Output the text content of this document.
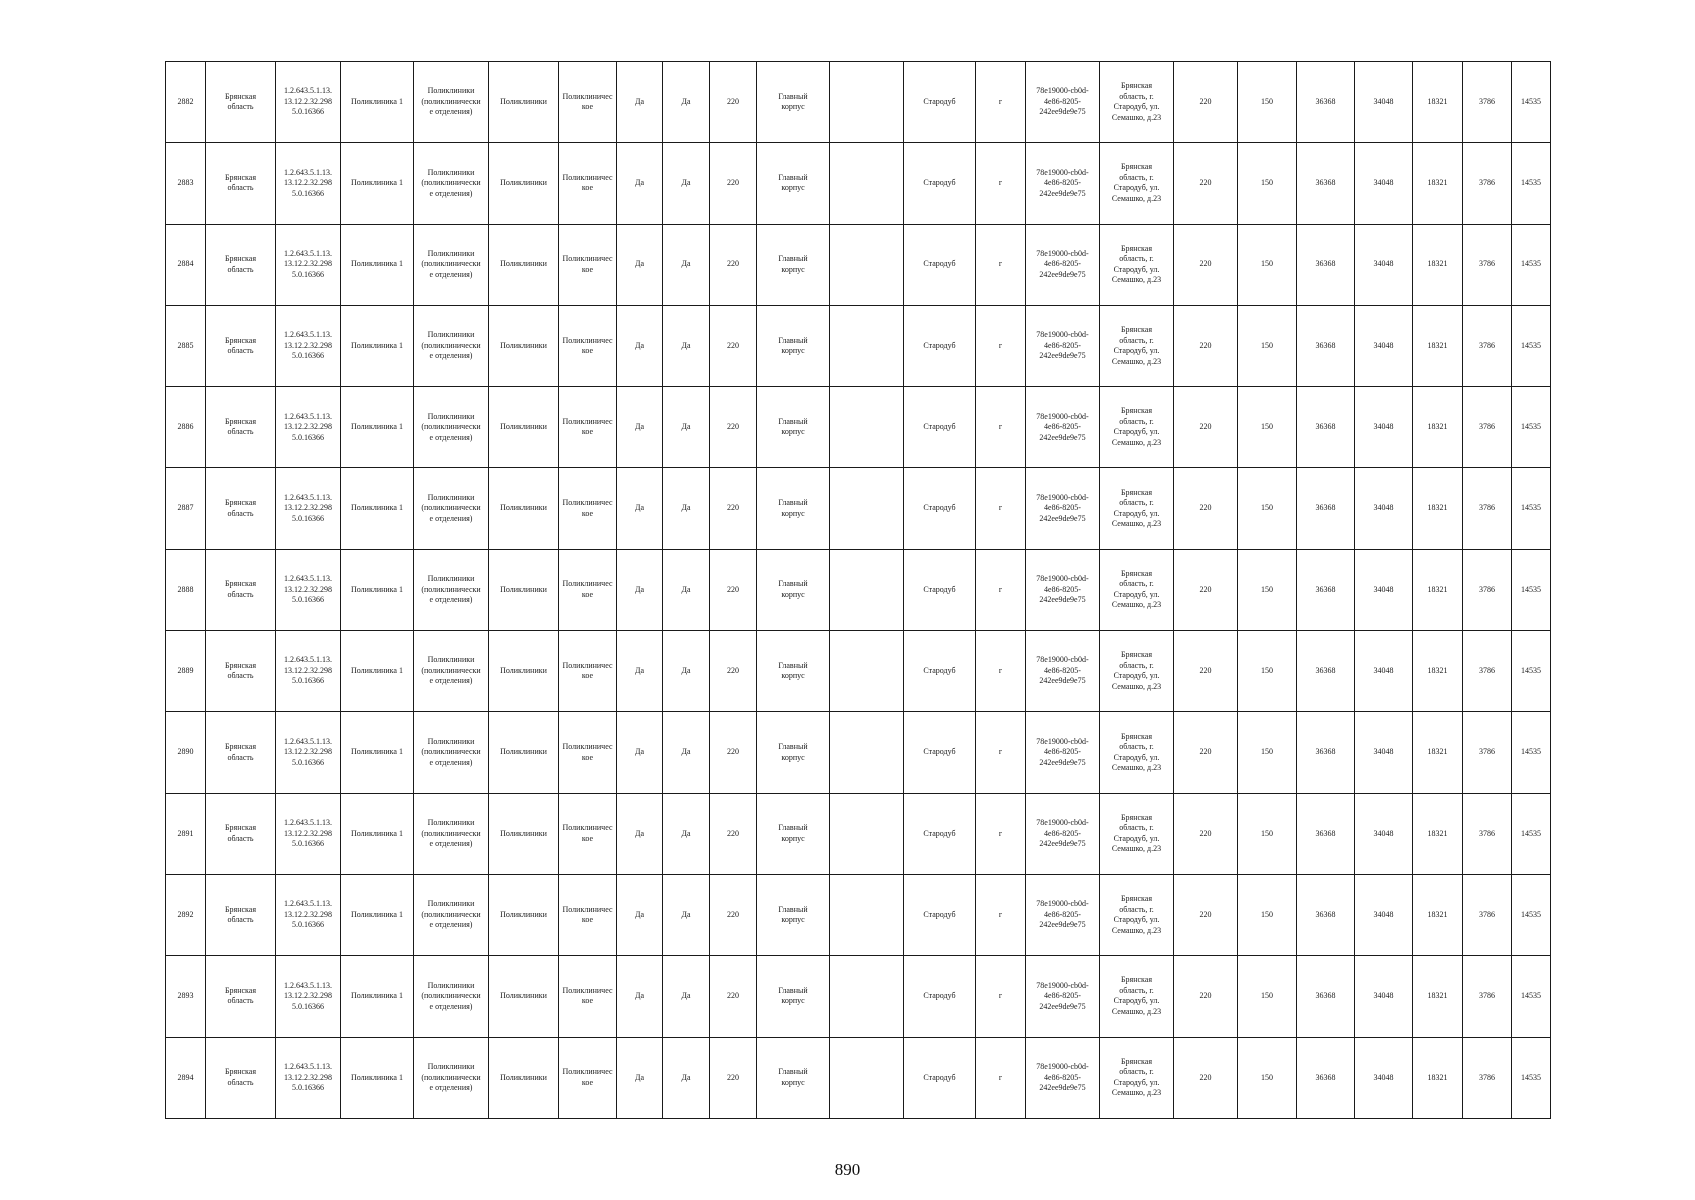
2882	Брянская
область	1.2.643.5.1.13.
13.12.2.32.298
5.0.16366	Поликлиника 1	Поликлиники
(поликлинически
е отделения)	Поликлиники	Поликлиничес
кое	Да	Да	220	Главный
корпус		Стародуб	г	78e19000-cb0d-
4e86-8205-
242ee9de9e75	Брянская
область, г.
Стародуб, ул.
Семашко, д.23	220	150	36368	34048	18321	3786	14535
2883	Брянская
область	1.2.643.5.1.13.
13.12.2.32.298
5.0.16366	Поликлиника 1	Поликлиники
(поликлинически
е отделения)	Поликлиники	Поликлиничес
кое	Да	Да	220	Главный
корпус		Стародуб	г	78e19000-cb0d-
4e86-8205-
242ee9de9e75	Брянская
область, г.
Стародуб, ул.
Семашко, д.23	220	150	36368	34048	18321	3786	14535
2884	Брянская
область	1.2.643.5.1.13.
13.12.2.32.298
5.0.16366	Поликлиника 1	Поликлиники
(поликлинически
е отделения)	Поликлиники	Поликлиничес
кое	Да	Да	220	Главный
корпус		Стародуб	г	78e19000-cb0d-
4e86-8205-
242ee9de9e75	Брянская
область, г.
Стародуб, ул.
Семашко, д.23	220	150	36368	34048	18321	3786	14535
2885	Брянская
область	1.2.643.5.1.13.
13.12.2.32.298
5.0.16366	Поликлиника 1	Поликлиники
(поликлинически
е отделения)	Поликлиники	Поликлиничес
кое	Да	Да	220	Главный
корпус		Стародуб	г	78e19000-cb0d-
4e86-8205-
242ee9de9e75	Брянская
область, г.
Стародуб, ул.
Семашко, д.23	220	150	36368	34048	18321	3786	14535
2886	Брянская
область	1.2.643.5.1.13.
13.12.2.32.298
5.0.16366	Поликлиника 1	Поликлиники
(поликлинически
е отделения)	Поликлиники	Поликлиничес
кое	Да	Да	220	Главный
корпус		Стародуб	г	78e19000-cb0d-
4e86-8205-
242ee9de9e75	Брянская
область, г.
Стародуб, ул.
Семашко, д.23	220	150	36368	34048	18321	3786	14535
2887	Брянская
область	1.2.643.5.1.13.
13.12.2.32.298
5.0.16366	Поликлиника 1	Поликлиники
(поликлинически
е отделения)	Поликлиники	Поликлиничес
кое	Да	Да	220	Главный
корпус		Стародуб	г	78e19000-cb0d-
4e86-8205-
242ee9de9e75	Брянская
область, г.
Стародуб, ул.
Семашко, д.23	220	150	36368	34048	18321	3786	14535
2888	Брянская
область	1.2.643.5.1.13.
13.12.2.32.298
5.0.16366	Поликлиника 1	Поликлиники
(поликлинически
е отделения)	Поликлиники	Поликлиничес
кое	Да	Да	220	Главный
корпус		Стародуб	г	78e19000-cb0d-
4e86-8205-
242ee9de9e75	Брянская
область, г.
Стародуб, ул.
Семашко, д.23	220	150	36368	34048	18321	3786	14535
2889	Брянская
область	1.2.643.5.1.13.
13.12.2.32.298
5.0.16366	Поликлиника 1	Поликлиники
(поликлинически
е отделения)	Поликлиники	Поликлиничес
кое	Да	Да	220	Главный
корпус		Стародуб	г	78e19000-cb0d-
4e86-8205-
242ee9de9e75	Брянская
область, г.
Стародуб, ул.
Семашко, д.23	220	150	36368	34048	18321	3786	14535
2890	Брянская
область	1.2.643.5.1.13.
13.12.2.32.298
5.0.16366	Поликлиника 1	Поликлиники
(поликлинически
е отделения)	Поликлиники	Поликлиничес
кое	Да	Да	220	Главный
корпус		Стародуб	г	78e19000-cb0d-
4e86-8205-
242ee9de9e75	Брянская
область, г.
Стародуб, ул.
Семашко, д.23	220	150	36368	34048	18321	3786	14535
2891	Брянская
область	1.2.643.5.1.13.
13.12.2.32.298
5.0.16366	Поликлиника 1	Поликлиники
(поликлинически
е отделения)	Поликлиники	Поликлиничес
кое	Да	Да	220	Главный
корпус		Стародуб	г	78e19000-cb0d-
4e86-8205-
242ee9de9e75	Брянская
область, г.
Стародуб, ул.
Семашко, д.23	220	150	36368	34048	18321	3786	14535
2892	Брянская
область	1.2.643.5.1.13.
13.12.2.32.298
5.0.16366	Поликлиника 1	Поликлиники
(поликлинически
е отделения)	Поликлиники	Поликлиничес
кое	Да	Да	220	Главный
корпус		Стародуб	г	78e19000-cb0d-
4e86-8205-
242ee9de9e75	Брянская
область, г.
Стародуб, ул.
Семашко, д.23	220	150	36368	34048	18321	3786	14535
2893	Брянская
область	1.2.643.5.1.13.
13.12.2.32.298
5.0.16366	Поликлиника 1	Поликлиники
(поликлинически
е отделения)	Поликлиники	Поликлиничес
кое	Да	Да	220	Главный
корпус		Стародуб	г	78e19000-cb0d-
4e86-8205-
242ee9de9e75	Брянская
область, г.
Стародуб, ул.
Семашко, д.23	220	150	36368	34048	18321	3786	14535
2894	Брянская
область	1.2.643.5.1.13.
13.12.2.32.298
5.0.16366	Поликлиника 1	Поликлиники
(поликлинически
е отделения)	Поликлиники	Поликлиничес
кое	Да	Да	220	Главный
корпус		Стародуб	г	78e19000-cb0d-
4e86-8205-
242ee9de9e75	Брянская
область, г.
Стародуб, ул.
Семашко, д.23	220	150	36368	34048	18321	3786	14535
890
